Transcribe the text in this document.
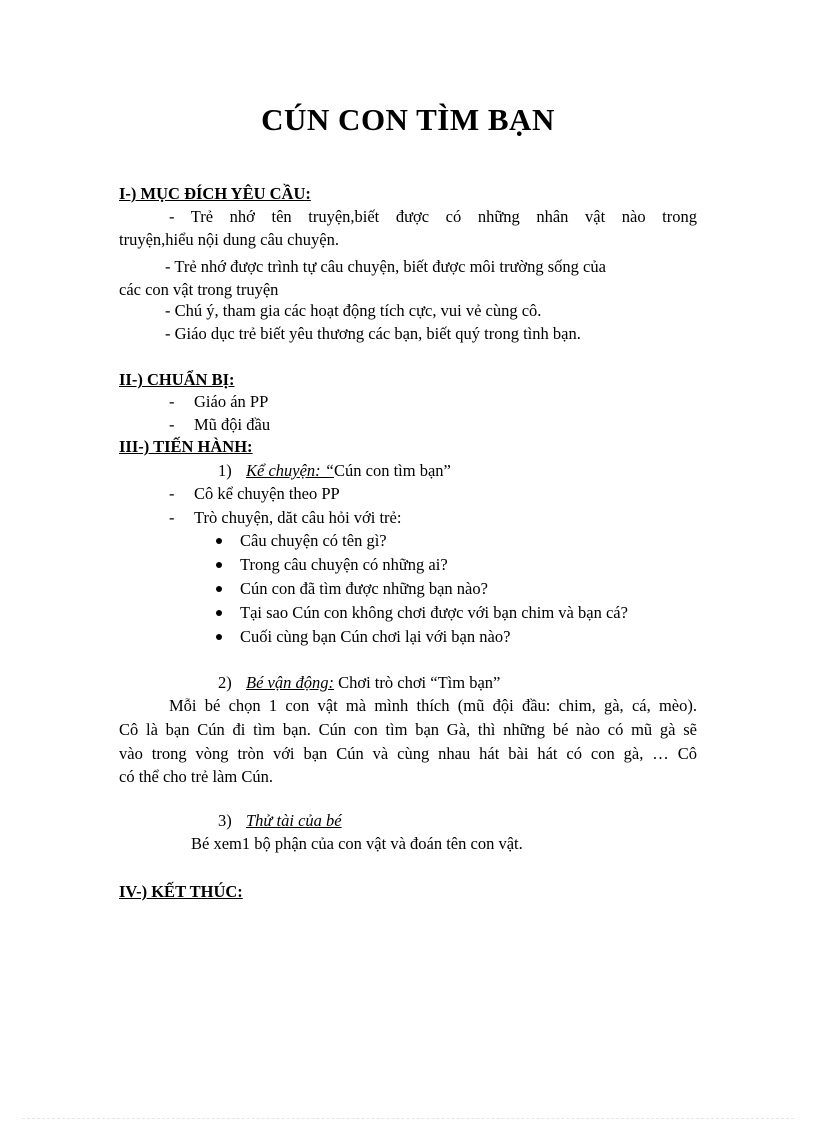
CÚN CON TÌM BẠN
I-) MỤC ĐÍCH YÊU CẦU:
- Trẻ nhớ tên truyện,biết được có những nhân vật nào trong
truyện,hiểu nội dung câu chuyện.
- Trẻ nhớ được trình tự câu chuyện, biết được môi trường sống của
các con vật trong truyện
- Chú ý, tham gia các hoạt động tích cực, vui vẻ cùng cô.
- Giáo dục trẻ biết yêu thương các bạn, biết quý trong tình bạn.
II-) CHUẨN BỊ:
- Giáo án PP
- Mũ đội đầu
III-) TIẾN HÀNH:
1) Kể chuyện: “Cún con tìm bạn”
- Cô kể chuyện theo PP
- Trò chuyện, dăt câu hỏi với trẻ:
Câu chuyện có tên gì?
Trong câu chuyện có những ai?
Cún con đã tìm được những bạn nào?
Tại sao Cún con không chơi được với bạn chim và bạn cá?
Cuối cùng bạn Cún chơi lại với bạn nào?
2) Bé vận động: Chơi trò chơi “Tìm bạn”
Mỗi bé chọn 1 con vật mà mình thích (mũ đội đầu: chim, gà, cá, mèo).
Cô là bạn Cún đi tìm bạn. Cún con tìm bạn Gà, thì những bé nào có mũ gà sẽ
vào trong vòng tròn với bạn Cún và cùng nhau hát bài hát có con gà, … Cô
có thể cho trẻ làm Cún.
3) Thử tài của bé
Bé xem1 bộ phận của con vật và đoán tên con vật.
IV-) KẾT THÚC:
